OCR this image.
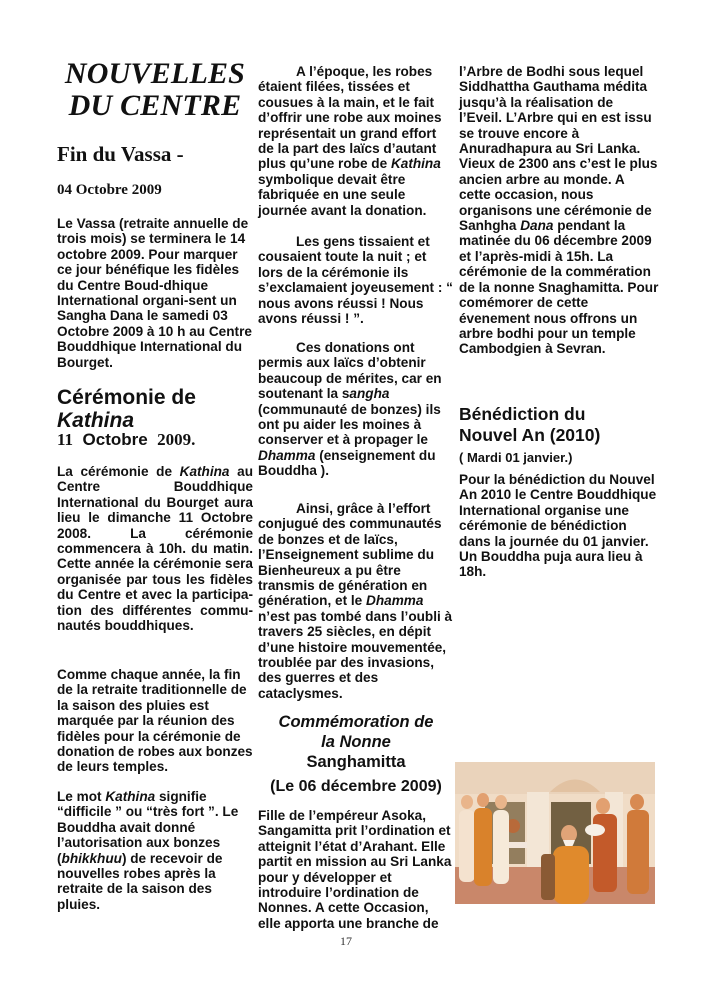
NOUVELLES
DU CENTRE
Fin du Vassa -
04 Octobre 2009

Le Vassa (retraite annuelle de trois mois) se terminera le 14 octobre 2009. Pour marquer ce jour bénéfique les fidèles du Centre Boud-dhique International organi-sent un Sangha Dana le samedi 03 Octobre 2009 à 10 h au Centre Bouddhique International du Bourget.

Cérémonie de
Kathina
11 Octobre 2009.

La cérémonie de Kathina au Centre Bouddhique International du Bourget aura lieu le dimanche 11 Octobre 2008. La cérémonie commencera à 10h. du matin. Cette année la cérémonie sera organisée par tous les fidèles du Centre et avec la participa-tion des différentes commu-nautés bouddhiques.

Comme chaque année, la fin de la retraite traditionnelle de la saison des pluies est marquée par la réunion des fidèles pour la cérémonie de donation de robes aux bonzes de leurs temples.

Le mot Kathina signifie “difficile ” ou “très fort ”. Le Bouddha avait donné l’autorisation aux bonzes (bhikkhuu) de recevoir de nouvelles robes après la retraite de la saison des pluies.

A l’époque, les robes étaient filées, tissées et cousues à la main, et le fait d’offrir une robe aux moines représentait un grand effort de la part des laïcs d’autant plus qu’une robe de Kathina symbolique devait être fabriquée en une seule journée avant la donation.

Les gens tissaient et cousaient toute la nuit ; et lors de la cérémonie ils s’exclamaient joyeusement : “ nous avons réussi ! Nous avons réussi ! ”.

Ces donations ont permis aux laïcs d’obtenir beaucoup de mérites, car en soutenant la sangha (communauté de bonzes) ils ont pu aider les moines à conserver et à propager le Dhamma (enseignement du Bouddha ).

Ainsi, grâce à l’effort conjugué des communautés de bonzes et de laïcs, l’Enseignement sublime du Bienheureux a pu être transmis de génération en génération, et le Dhamma n’est pas tombé dans l’oubli à travers 25 siècles, en dépit d’une histoire mouvementée, troublée par des invasions, des guerres et des cataclysmes.

Commémoration de
la Nonne
Sanghamitta
(Le 06 décembre 2009)

Fille de l’empéreur Asoka, Sangamitta prit l’ordination et atteignit l’état d’Arahant. Elle partit en mission au Sri Lanka pour y développer et introduire l’ordination de Nonnes. A cette Occasion, elle apporta une branche de

l’Arbre de Bodhi sous lequel Siddhattha Gauthama médita jusqu’à la réalisation de l’Eveil. L’Arbre qui en est issu se trouve encore à Anuradhapura au Sri Lanka. Vieux de 2300 ans c’est le plus ancien arbre au monde. A cette occasion, nous organisons une cérémonie de Sanhgha Dana pendant la matinée du 06 décembre 2009 et l’après-midi à 15h. La cérémonie de la commération de la nonne Snaghamitta. Pour comémorer de cette évenement nous offrons un arbre bodhi pour un temple Cambodgien à Sevran.

Bénédiction du
Nouvel An (2010)
( Mardi 01 janvier.)

Pour la bénédiction du Nouvel An 2010 le Centre Bouddhique International organise une cérémonie de bénédiction dans la journée du 01 janvier. Un Bouddha puja aura lieu à 18h.

17
